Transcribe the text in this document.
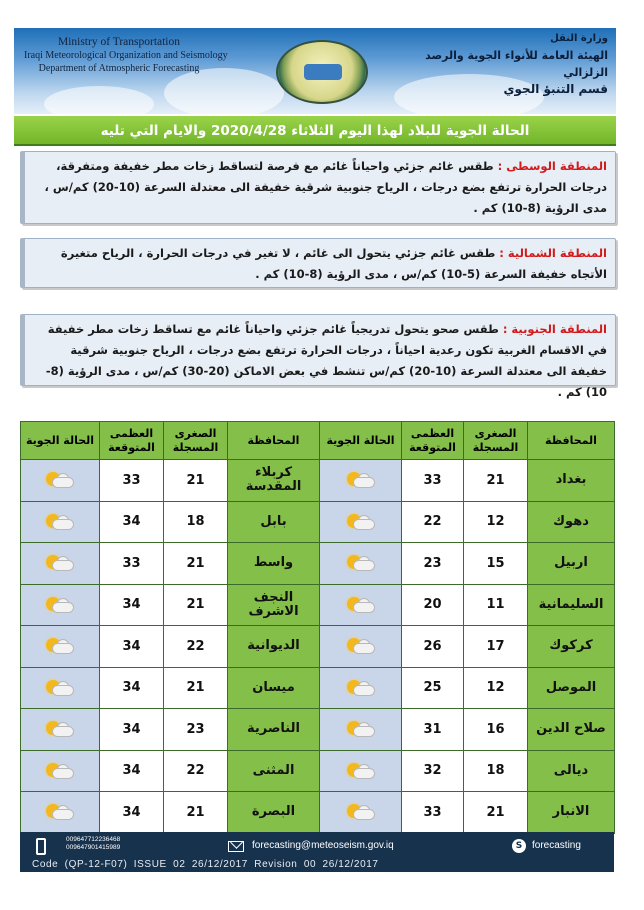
Ministry of Transportation
Iraqi Meteorological Organization and Seismology
Department of Atmospheric Forecasting
وزارة النقل
الهيئة العامة للأنواء الجوية والرصد الزلزالي
قسم التنبؤ الجوي
الحالة الجوية للبلاد لهذا اليوم الثلاثاء 2020/4/28 والايام التي تليه
المنطقة الوسطى : طقس غائم جزئي واحياناً غائم مع فرصة لتساقط زخات مطر خفيفة ومتفرقة، درجات الحرارة ترتفع بضع درجات ، الرياح جنوبية شرقية خفيفة الى معتدلة السرعة (10-20) كم/س ، مدى الرؤية (8-10) كم .
المنطقة الشمالية : طقس غائم جزئي يتحول الى غائم ، لا تغير في درجات الحرارة ، الرياح متغيرة الأتجاه خفيفة السرعة (5-10) كم/س ، مدى الرؤية (8-10) كم .
المنطقة الجنوبية : طقس صحو يتحول تدريجياً غائم جزئي واحياناً غائم مع تساقط زخات مطر خفيفة في الاقسام الغربية تكون رعدية احياناً ، درجات الحرارة ترتفع بضع درجات ، الرياح جنوبية شرقية خفيفة الى معتدلة السرعة (10-20) كم/س تنشط في بعض الاماكن (20-30) كم/س ، مدى الرؤية (8-10) كم .
المحافظة	الصغرى المسجلة	العظمى المتوقعة	الحالة الجوية	المحافظة	الصغرى المسجلة	العظمى المتوقعة	الحالة الجوية
بغداد	21	33		كربلاء المقدسة	21	33	

دهوك	12	22		بابل	18	34	

اربيل	15	23		واسط	21	33	

السليمانية	11	20		النجف الاشرف	21	34	

كركوك	17	26		الديوانية	22	34	

الموصل	12	25		ميسان	21	34	

صلاح الدين	16	31		الناصرية	23	34	

ديالى	18	32		المثنى	22	34	

الانبار	21	33		البصرة	21	34	
009647712236468
009647901415989	forecasting@meteoseism.gov.iq	S forecasting
Code (QP-12-F07) ISSUE 02 26/12/2017 Revision 00 26/12/2017
